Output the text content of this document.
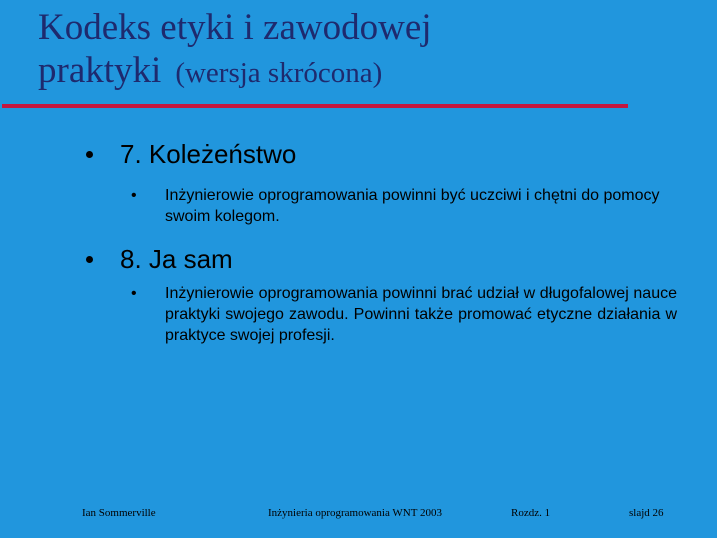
Kodeks etyki i zawodowej
praktyki (wersja skrócona)
7. Koleżeństwo
• Inżynierowie oprogramowania powinni być uczciwi i chętni do pomocy swoim kolegom.
8. Ja sam
• Inżynierowie oprogramowania powinni brać udział w długofalowej nauce praktyki swojego zawodu. Powinni także promować etyczne działania w praktyce swojej profesji.
Ian Sommerville	Inżynieria oprogramowania WNT 2003	Rozdz. 1	slajd 26
